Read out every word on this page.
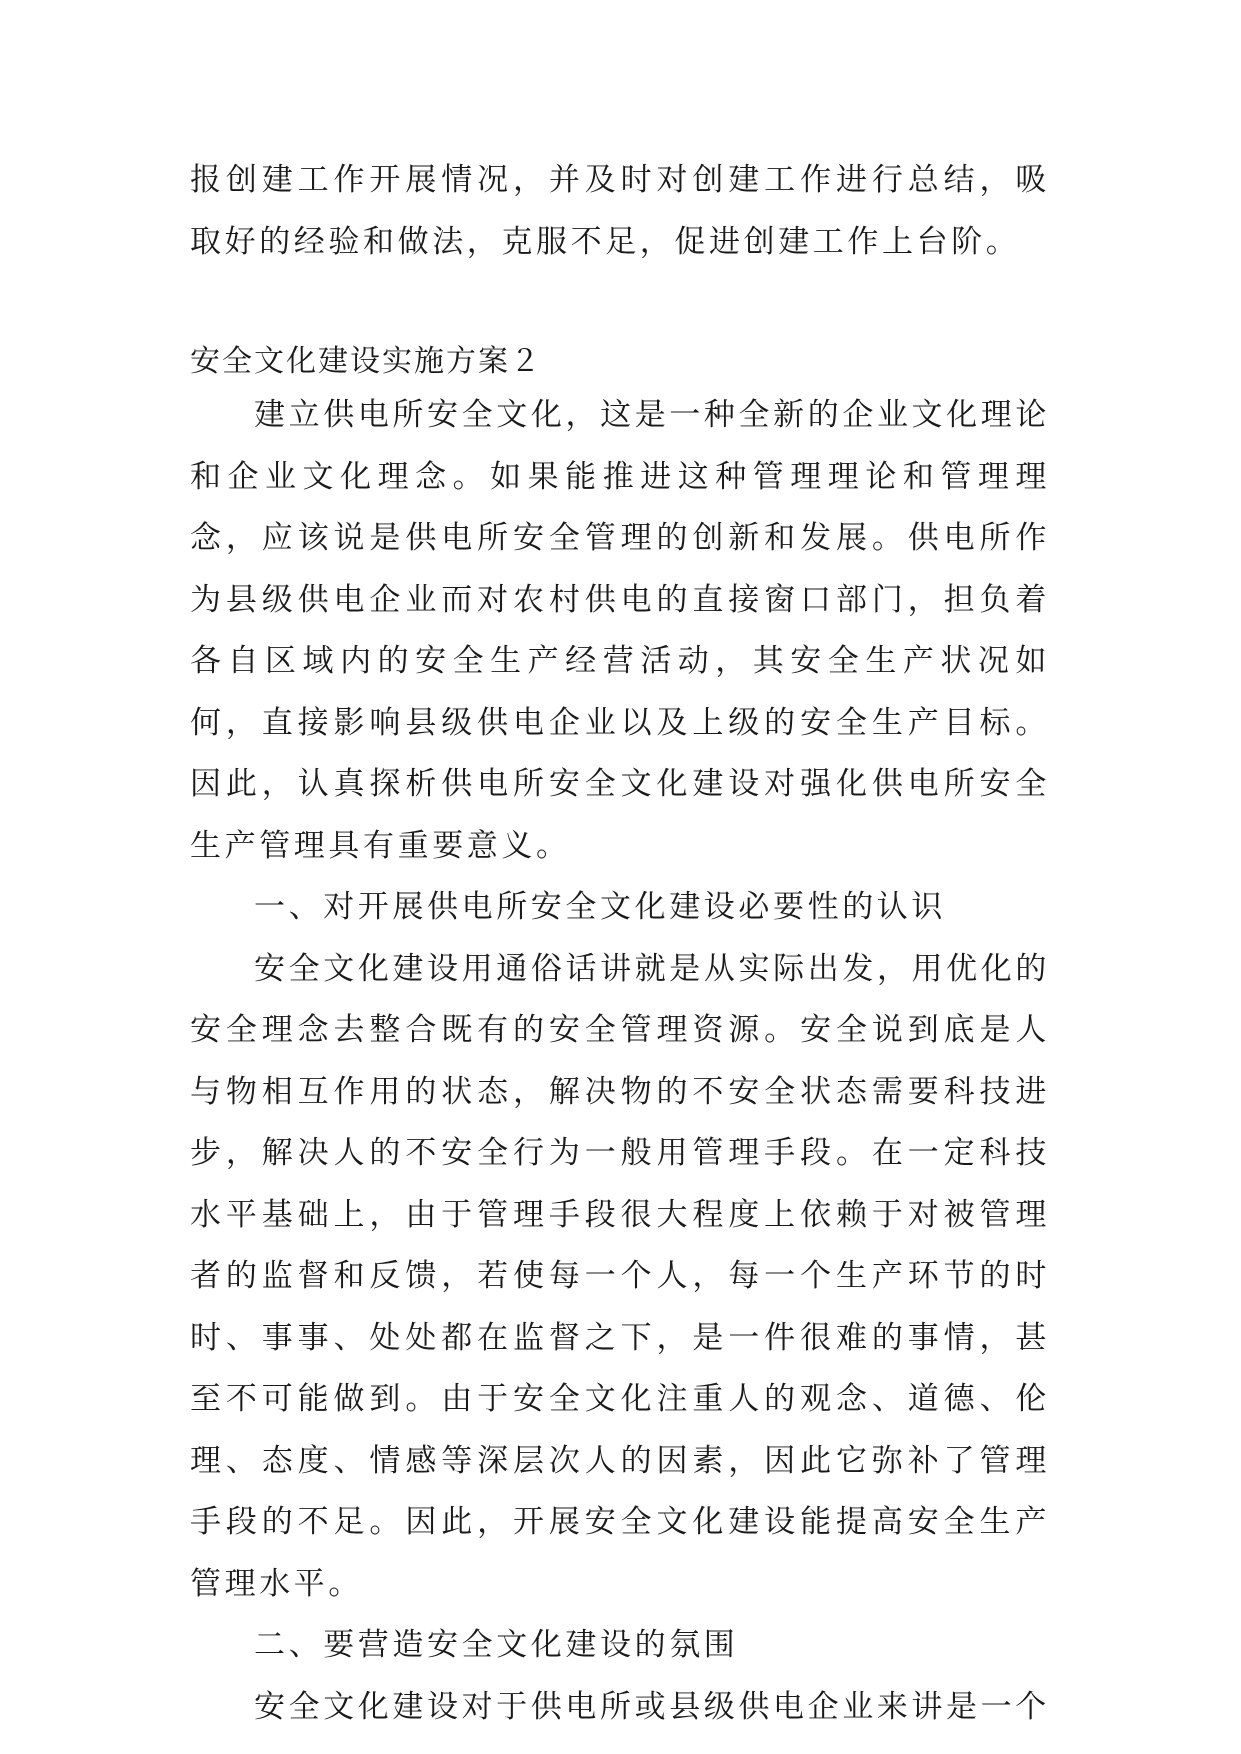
报创建工作开展情况，并及时对创建工作进行总结，吸取好的经验和做法，克服不足，促进创建工作上台阶。

安全文化建设实施方案２

建立供电所安全文化，这是一种全新的企业文化理论和企业文化理念。如果能推进这种管理理论和管理理念，应该说是供电所安全管理的创新和发展。供电所作为县级供电企业而对农村供电的直接窗口部门，担负着各自区域内的安全生产经营活动，其安全生产状况如何，直接影响县级供电企业以及上级的安全生产目标。因此，认真探析供电所安全文化建设对强化供电所安全生产管理具有重要意义。

一、对开展供电所安全文化建设必要性的认识

安全文化建设用通俗话讲就是从实际出发，用优化的安全理念去整合既有的安全管理资源。安全说到底是人与物相互作用的状态，解决物的不安全状态需要科技进步，解决人的不安全行为一般用管理手段。在一定科技水平基础上，由于管理手段很大程度上依赖于对被管理者的监督和反馈，若使每一个人，每一个生产环节的时时、事事、处处都在监督之下，是一件很难的事情，甚至不可能做到。由于安全文化注重人的观念、道德、伦理、态度、情感等深层次人的因素，因此它弥补了管理手段的不足。因此，开展安全文化建设能提高安全生产管理水平。

二、要营造安全文化建设的氛围

安全文化建设对于供电所或县级供电企业来讲是一个
